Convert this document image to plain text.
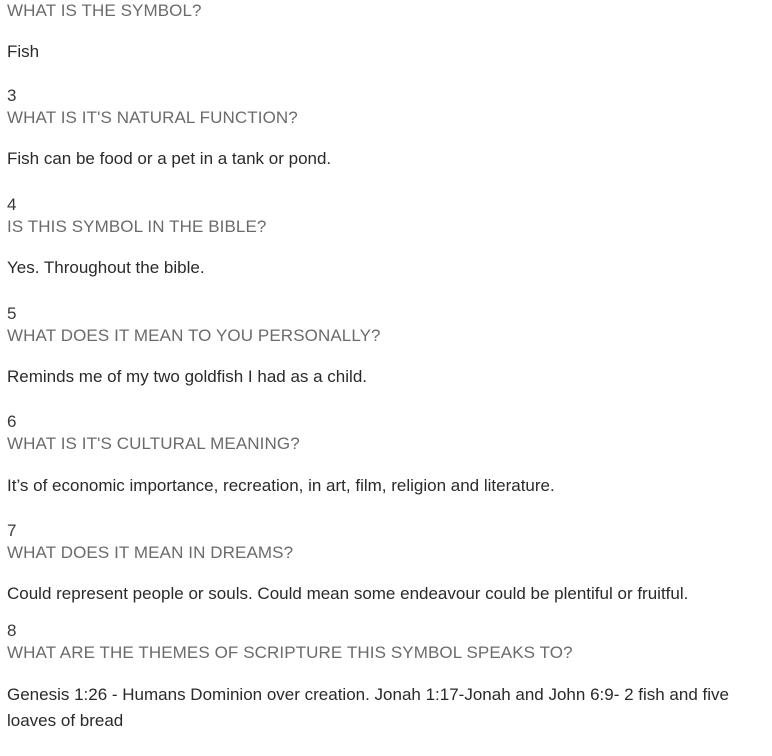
WHAT IS THE SYMBOL?

Fish

3

WHAT IS IT'S NATURAL FUNCTION?

Fish can be food or a pet in a tank or pond.

4

IS THIS SYMBOL IN THE BIBLE?

Yes. Throughout the bible.

5

WHAT DOES IT MEAN TO YOU PERSONALLY?

Reminds me of my two goldfish I had as a child.

6

WHAT IS IT'S CULTURAL MEANING?

It’s of economic importance, recreation, in art, film, religion and literature.

7

WHAT DOES IT MEAN IN DREAMS?

Could represent people or souls. Could mean some endeavour could be plentiful or fruitful.

8

WHAT ARE THE THEMES OF SCRIPTURE THIS SYMBOL SPEAKS TO?

Genesis 1:26 - Humans Dominion over creation. Jonah 1:17-Jonah and John 6:9- 2 fish and five loaves of bread
